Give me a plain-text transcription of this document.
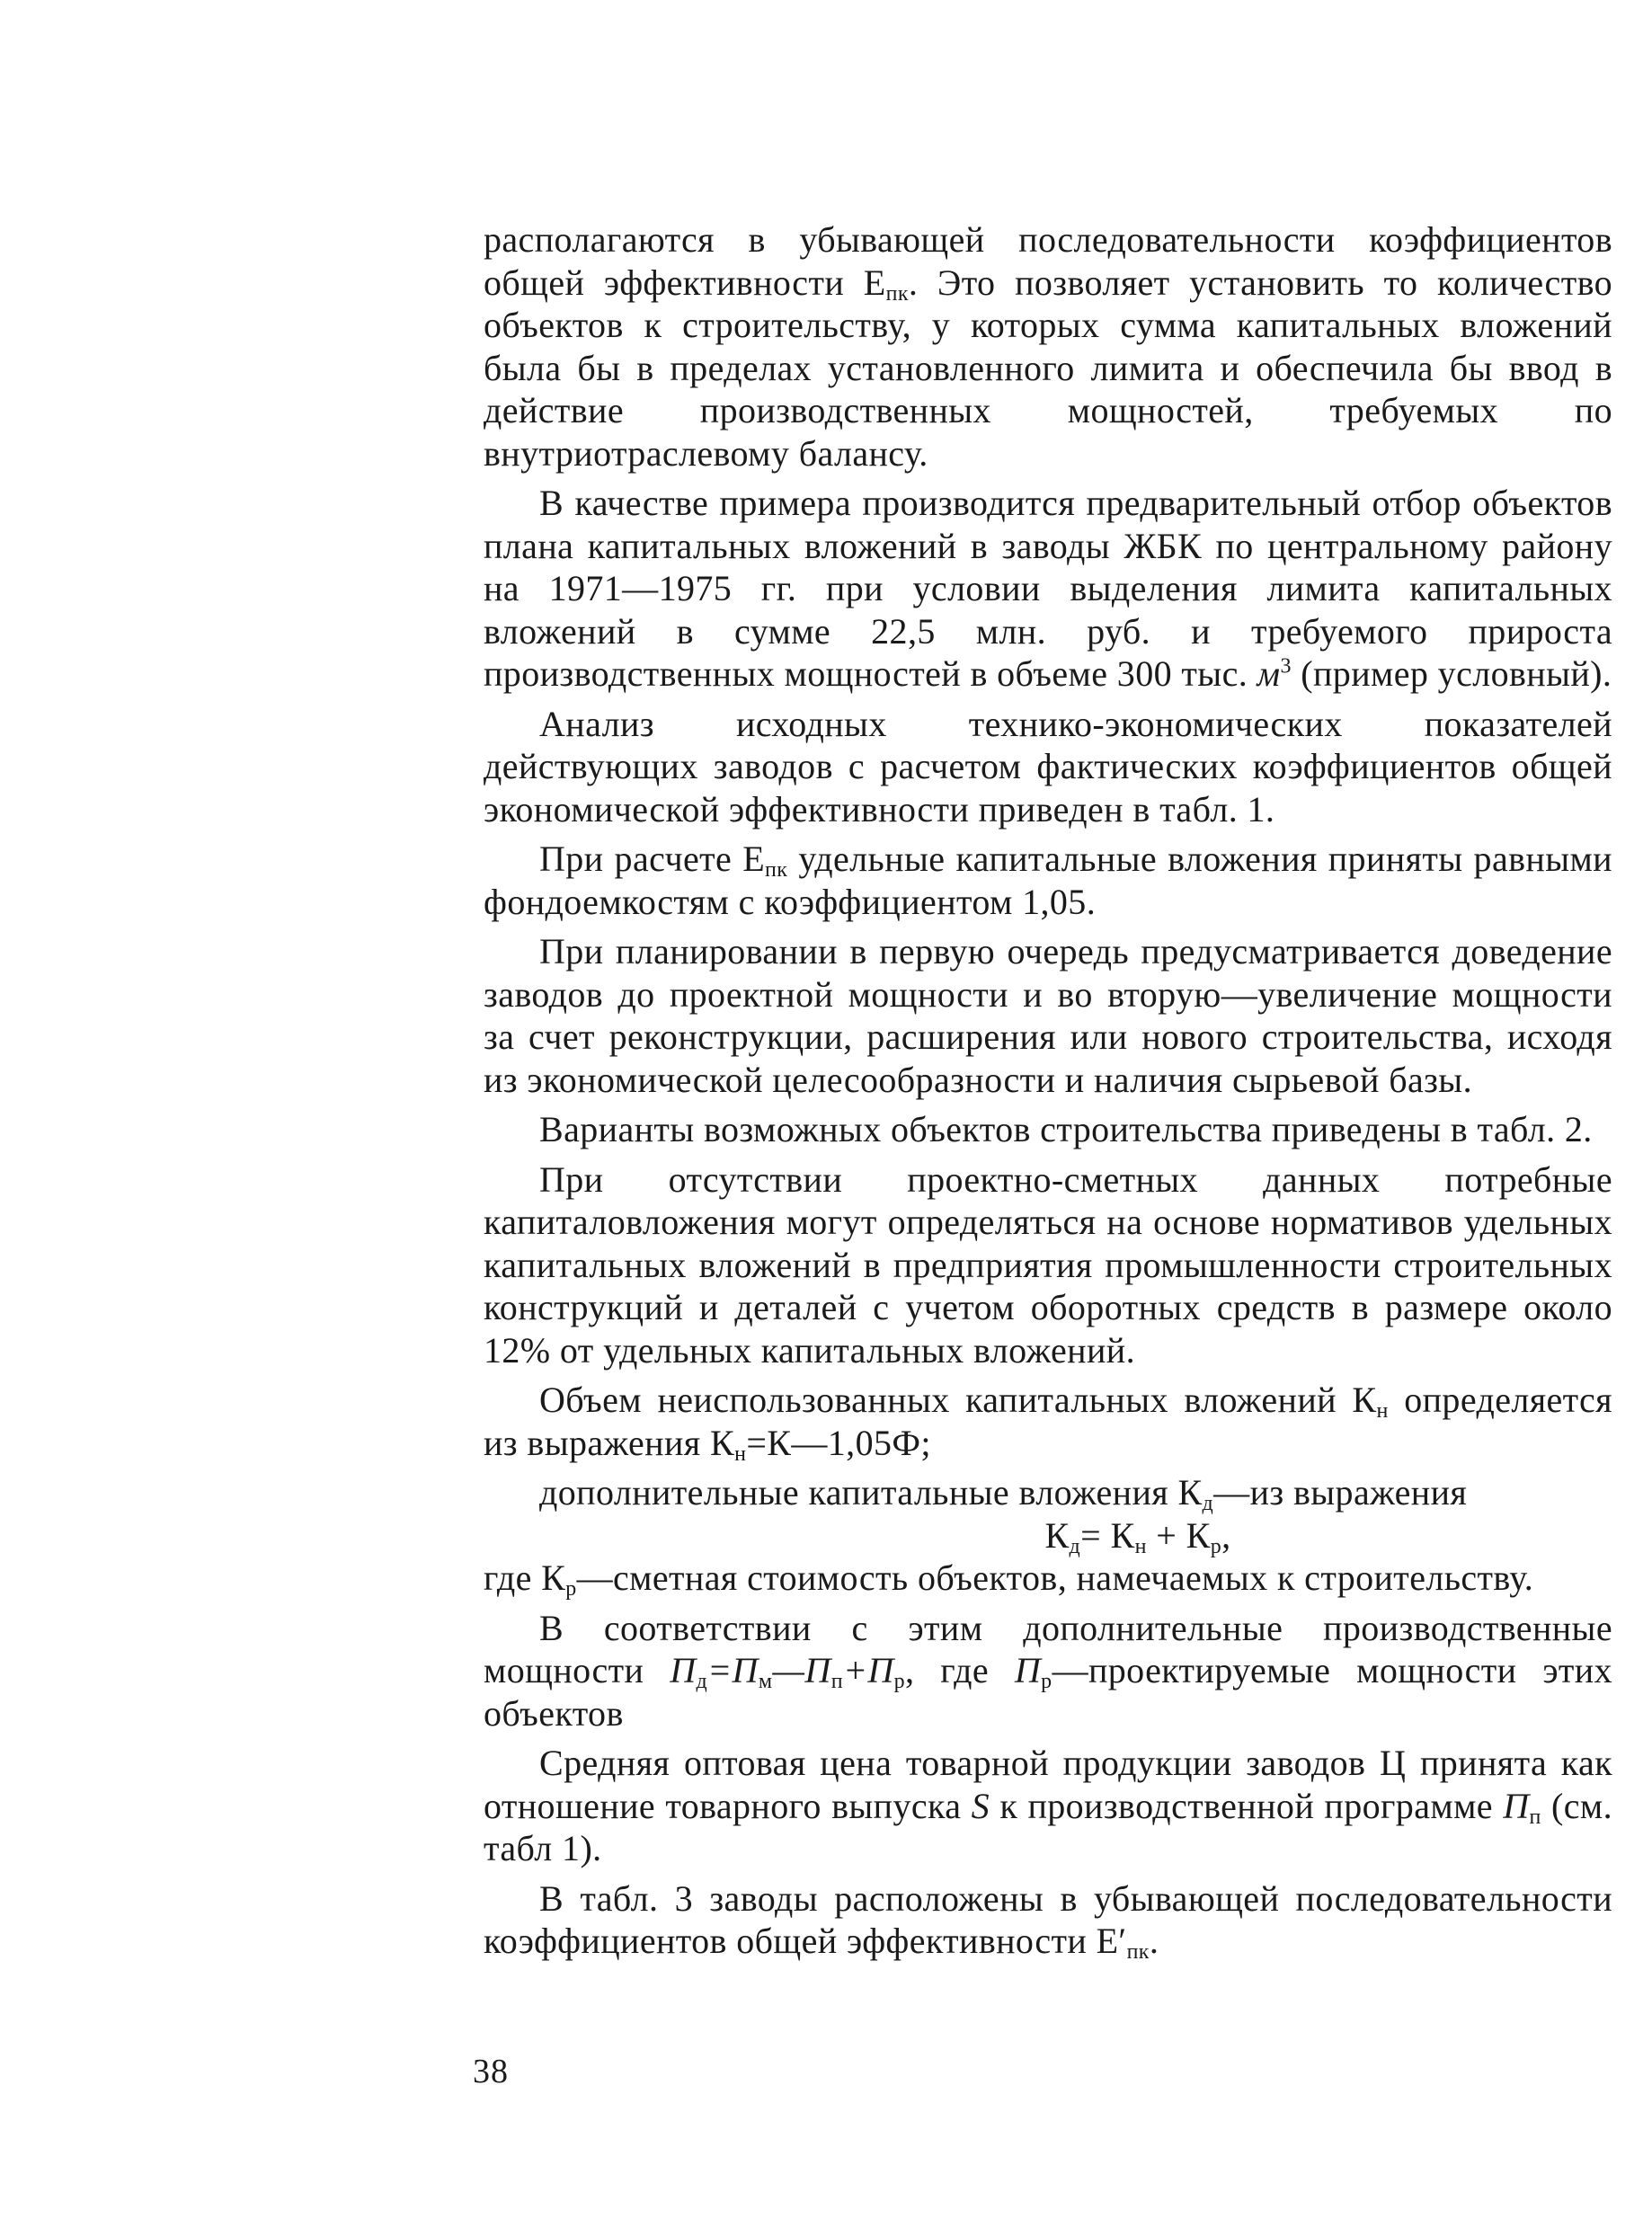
располагаются в убывающей последовательности коэффициентов общей эффективности $Е_{пк}$. Это позволяет установить то количество объектов к строительству, у которых сумма капитальных вложений была бы в пределах установленного лимита и обеспечила бы ввод в действие производственных мощностей, требуемых по внутриотраслевому балансу.

В качестве примера производится предварительный отбор объектов плана капитальных вложений в заводы ЖБК по центральному району на 1971—1975 гг. при условии выделения лимита капитальных вложений в сумме 22,5 млн. руб. и требуемого прироста производственных мощностей в объеме 300 тыс. $м^3$ (пример условный).

Анализ исходных технико-экономических показателей действующих заводов с расчетом фактических коэффициентов общей экономической эффективности приведен в табл. 1.

При расчете $Е_{пк}$ удельные капитальные вложения приняты равными фондоемкостям с коэффициентом 1,05.

При планировании в первую очередь предусматривается доведение заводов до проектной мощности и во вторую—увеличение мощности за счет реконструкции, расширения или нового строительства, исходя из экономической целесообразности и наличия сырьевой базы.

Варианты возможных объектов строительства приведены в табл. 2.

При отсутствии проектно-сметных данных потребные капиталовложения могут определяться на основе нормативов удельных капитальных вложений в предприятия промышленности строительных конструкций и деталей с учетом оборотных средств в размере около 12% от удельных капитальных вложений.

Объем неиспользованных капитальных вложений $К_н$ определяется из выражения $К_н=К—1,05Ф$;

дополнительные капитальные вложения $К_д—из$ выражения

$К_д= К_н + К_р$,

где $К_р—сметная$ стоимость объектов, намечаемых к строительству.

В соответствии с этим дополнительные производственные мощности $П_д=П_м—П_п+П_р$, где $П_р—проектируемые$ мощности этих объектов

Средняя оптовая цена товарной продукции заводов Ц принята как отношение товарного выпуска S к производственной программе $П_п$ (см. табл 1).

В табл. 3 заводы расположены в убывающей последовательности коэффициентов общей эффективности $Е'_{пк}$.

38
